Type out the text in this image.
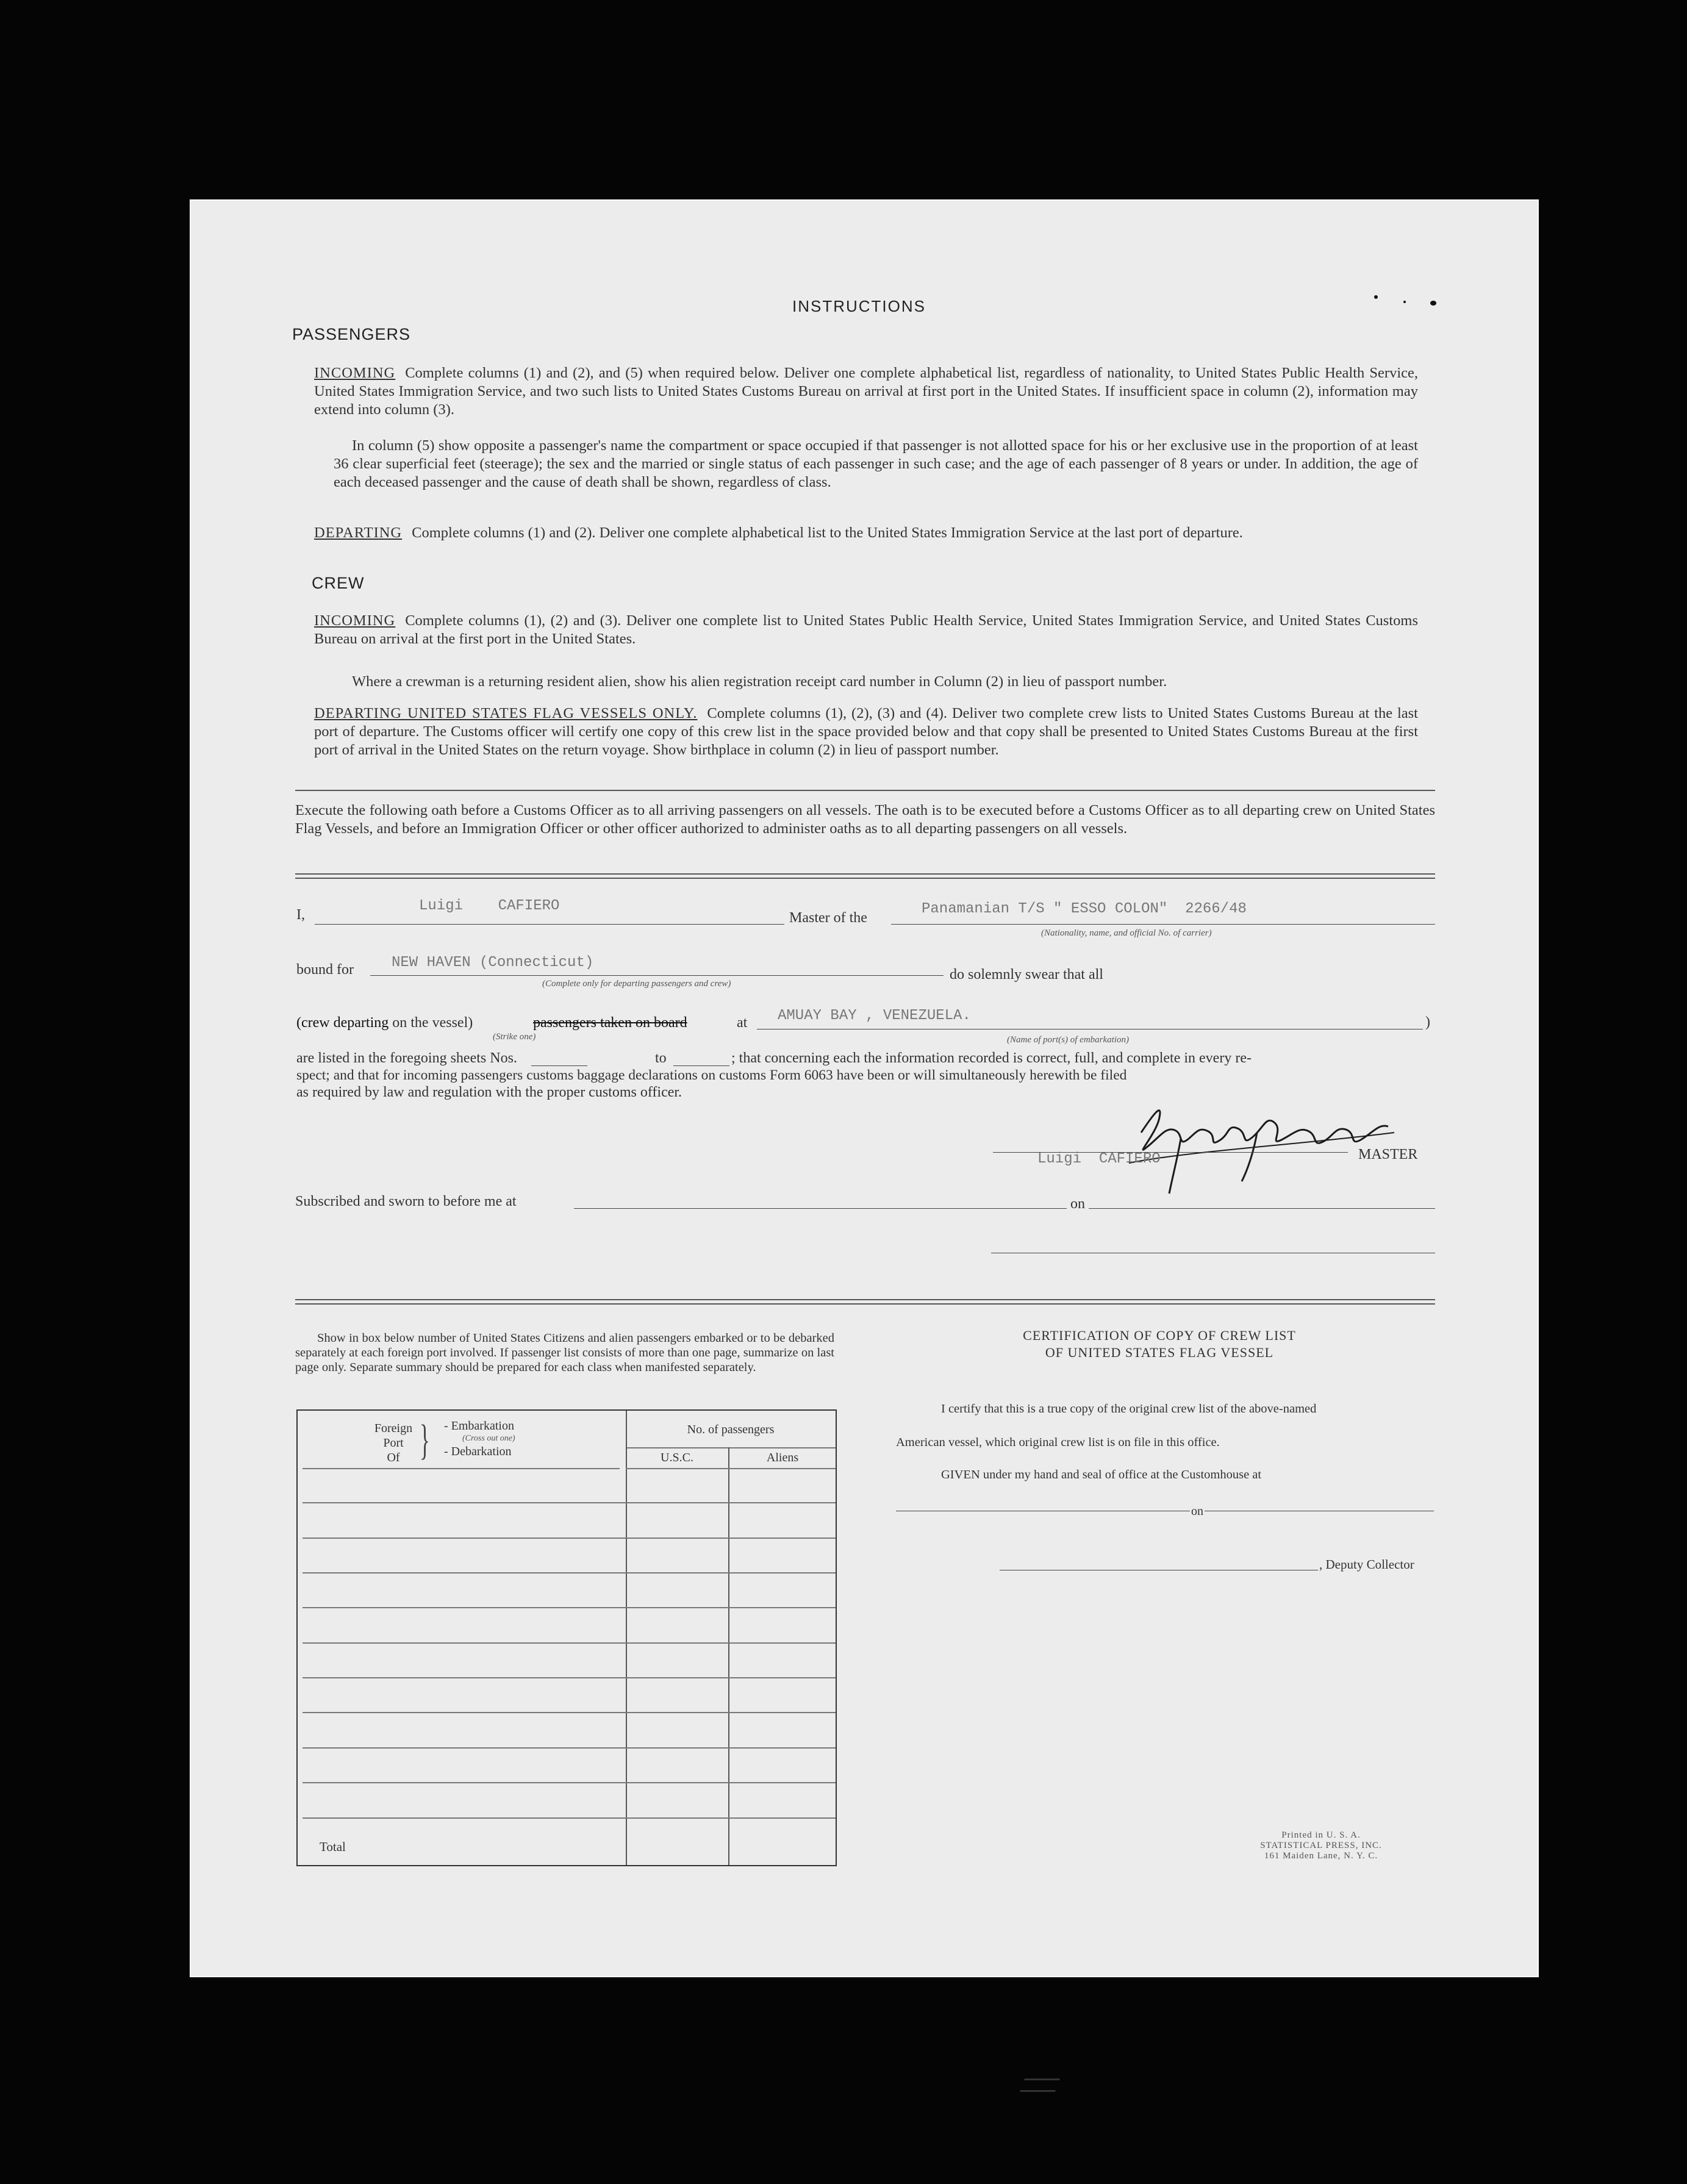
INSTRUCTIONS
PASSENGERS
INCOMING Complete columns (1) and (2), and (5) when required below. Deliver one complete alphabetical list, regardless of nationality, to United States Public Health Service, United States Immigration Service, and two such lists to United States Customs Bureau on arrival at first port in the United States. If insufficient space in column (2), information may extend into column (3).
In column (5) show opposite a passenger's name the compartment or space occupied if that passenger is not allotted space for his or her exclusive use in the proportion of at least 36 clear superficial feet (steerage); the sex and the married or single status of each passenger in such case; and the age of each passenger of 8 years or under. In addition, the age of each deceased passenger and the cause of death shall be shown, regardless of class.
DEPARTING Complete columns (1) and (2). Deliver one complete alphabetical list to the United States Immigration Service at the last port of departure.
CREW
INCOMING Complete columns (1), (2) and (3). Deliver one complete list to United States Public Health Service, United States Immigration Service, and United States Customs Bureau on arrival at the first port in the United States.
Where a crewman is a returning resident alien, show his alien registration receipt card number in Column (2) in lieu of passport number.
DEPARTING UNITED STATES FLAG VESSELS ONLY. Complete columns (1), (2), (3) and (4). Deliver two complete crew lists to United States Customs Bureau at the last port of departure. The Customs officer will certify one copy of this crew list in the space provided below and that copy shall be presented to United States Customs Bureau at the first port of arrival in the United States on the return voyage. Show birthplace in column (2) in lieu of passport number.
Execute the following oath before a Customs Officer as to all arriving passengers on all vessels. The oath is to be executed before a Customs Officer as to all departing crew on United States Flag Vessels, and before an Immigration Officer or other officer authorized to administer oaths as to all departing passengers on all vessels.
I,
Luigi    CAFIERO
Master of the
Panamanian T/S " ESSO COLON"  2266/48
(Nationality, name, and official No. of carrier)
bound for	NEW HAVEN (Connecticut)
(Complete only for departing passengers and crew)
do solemnly swear that all
(crew departing on the vessel)	passengers taken on board
(Strike one)
at AMUAY BAY , VENEZUELA.
(Name of port(s) of embarkation)
)
are listed in the foregoing sheets Nos.	to	; that concerning each the information recorded is correct, full, and complete in every re-
spect; and that for incoming passengers customs baggage declarations on customs Form 6063 have been or will simultaneously herewith be filed
as required by law and regulation with the proper customs officer.
Luigi  CAFIERO	MASTER
Subscribed and sworn to before me at	on
Show in box below number of United States Citizens and alien passengers embarked or to be debarked separately at each foreign port involved. If passenger list consists of more than one page, summarize on last page only. Separate summary should be prepared for each class when manifested separately.
Foreign
Port
Of } - Embarkation
(Cross out one)
- Debarkation
No. of passengers
U.S.C.	Aliens
Total
CERTIFICATION OF COPY OF CREW LIST
OF UNITED STATES FLAG VESSEL
I certify that this is a true copy of the original crew list of the above-named
American vessel, which original crew list is on file in this office.
GIVEN under my hand and seal of office at the Customhouse at
on
, Deputy Collector
Printed in U. S. A.
STATISTICAL PRESS, INC.
161 Maiden Lane, N. Y. C.
